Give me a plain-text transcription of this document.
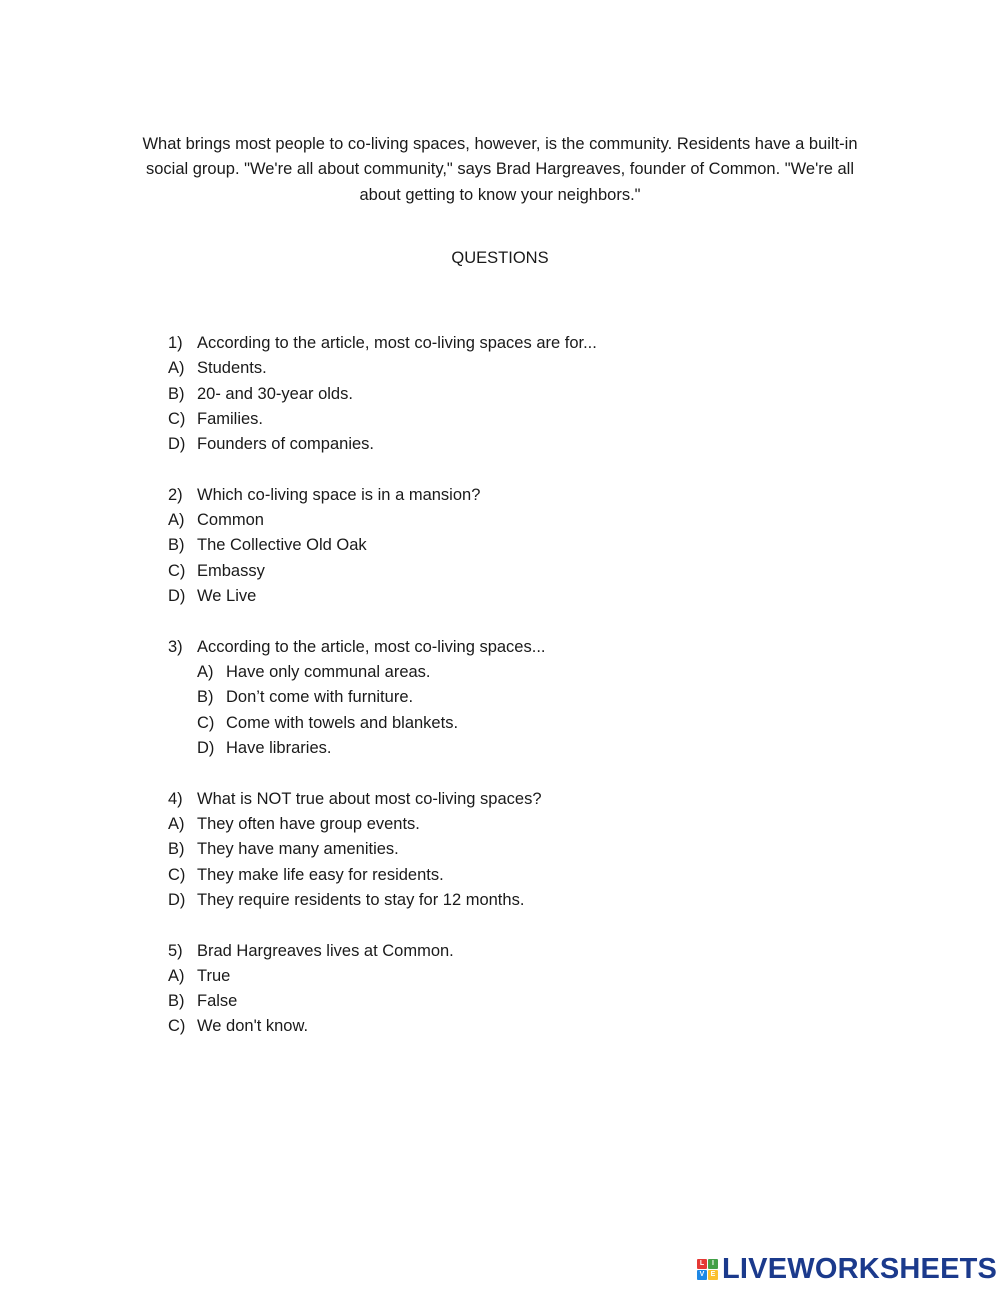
What brings most people to co-living spaces, however, is the community. Residents have a built-in social group. "We're all about community," says Brad Hargreaves, founder of Common. "We're all about getting to know your neighbors."

QUESTIONS
1) According to the article, most co-living spaces are for...
A) Students.
B) 20- and 30-year olds.
C) Families.
D) Founders of companies.
2) Which co-living space is in a mansion?
A) Common
B) The Collective Old Oak
C) Embassy
D) We Live
3) According to the article, most co-living spaces...
A) Have only communal areas.
B) Don’t come with furniture.
C) Come with towels and blankets.
D) Have libraries.
4) What is NOT true about most co-living spaces?
A) They often have group events.
B) They have many amenities.
C) They make life easy for residents.
D) They require residents to stay for 12 months.
5) Brad Hargreaves lives at Common.
A) True
B) False
C) We don't know.
L	I
V E LIVEWORKSHEETS
